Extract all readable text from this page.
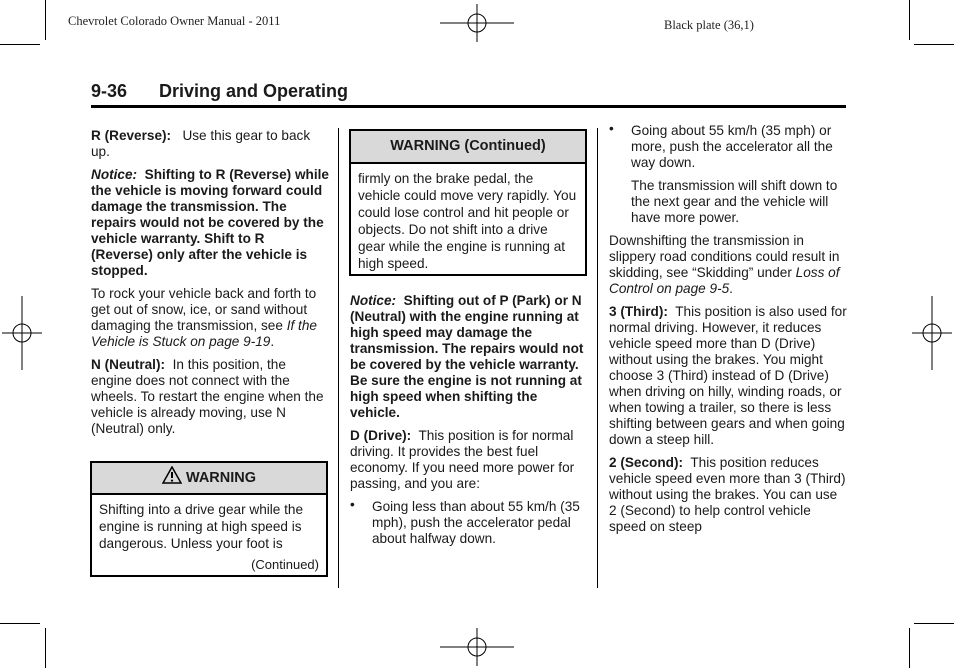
Chevrolet Colorado Owner Manual - 2011	Black plate (36,1)
9-36 Driving and Operating

R (Reverse): Use this gear to back up.

Notice: Shifting to R (Reverse) while the vehicle is moving forward could damage the transmission. The repairs would not be covered by the vehicle warranty. Shift to R (Reverse) only after the vehicle is stopped.

To rock your vehicle back and forth to get out of snow, ice, or sand without damaging the transmission, see If the Vehicle is Stuck on page 9‑19.

N (Neutral): In this position, the engine does not connect with the wheels. To restart the engine when the vehicle is already moving, use N (Neutral) only.

WARNING
Shifting into a drive gear while the engine is running at high speed is dangerous. Unless your foot is
(Continued)
WARNING (Continued)
firmly on the brake pedal, the vehicle could move very rapidly. You could lose control and hit people or objects. Do not shift into a drive gear while the engine is running at high speed.

Notice: Shifting out of P (Park) or N (Neutral) with the engine running at high speed may damage the transmission. The repairs would not be covered by the vehicle warranty. Be sure the engine is not running at high speed when shifting the vehicle.

D (Drive): This position is for normal driving. It provides the best fuel economy. If you need more power for passing, and you are:

• Going less than about 55 km/h (35 mph), push the accelerator pedal about halfway down.
• Going about 55 km/h (35 mph) or more, push the accelerator all the way down.

The transmission will shift down to the next gear and the vehicle will have more power.

Downshifting the transmission in slippery road conditions could result in skidding, see “Skidding” under Loss of Control on page 9‑5.

3 (Third): This position is also used for normal driving. However, it reduces vehicle speed more than D (Drive) without using the brakes. You might choose 3 (Third) instead of D (Drive) when driving on hilly, winding roads, or when towing a trailer, so there is less shifting between gears and when going down a steep hill.

2 (Second): This position reduces vehicle speed even more than 3 (Third) without using the brakes. You can use 2 (Second) to help control vehicle speed on steep
